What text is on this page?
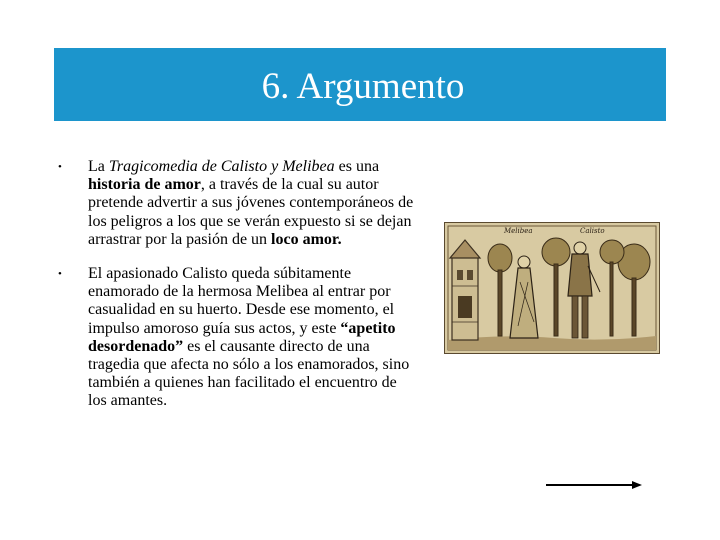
6. Argumento
•	La Tragicomedia de Calisto y Melibea es una historia de amor, a través de la cual su autor pretende advertir a sus jóvenes contemporáneos de los peligros a los que se verán expuesto si se dejan arrastrar por la pasión de un loco amor.
•	El apasionado Calisto queda súbitamente enamorado de la hermosa Melibea al entrar por casualidad en su huerto. Desde ese momento, el impulso amoroso guía sus actos, y este “apetito desordenado” es el causante directo de una tragedia que afecta no sólo a los enamorados, sino también a quienes han facilitado el encuentro de los amantes.
Melibea	Calisto
